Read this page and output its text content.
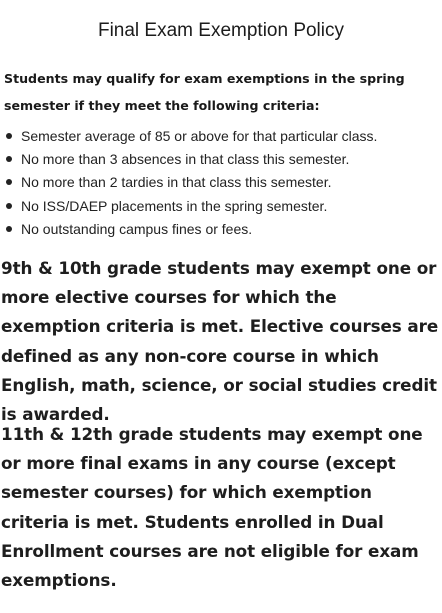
Final Exam Exemption Policy

Students may qualify for exam exemptions in the spring semester if they meet the following criteria:

Semester average of 85 or above for that particular class.
No more than 3 absences in that class this semester.
No more than 2 tardies in that class this semester.
No ISS/DAEP placements in the spring semester.
No outstanding campus fines or fees.

9th & 10th grade students may exempt one or more elective courses for which the exemption criteria is met. Elective courses are defined as any non-core course in which English, math, science, or social studies credit is awarded.

11th & 12th grade students may exempt one or more final exams in any course (except semester courses) for which exemption criteria is met. Students enrolled in Dual Enrollment courses are not eligible for exam exemptions.
